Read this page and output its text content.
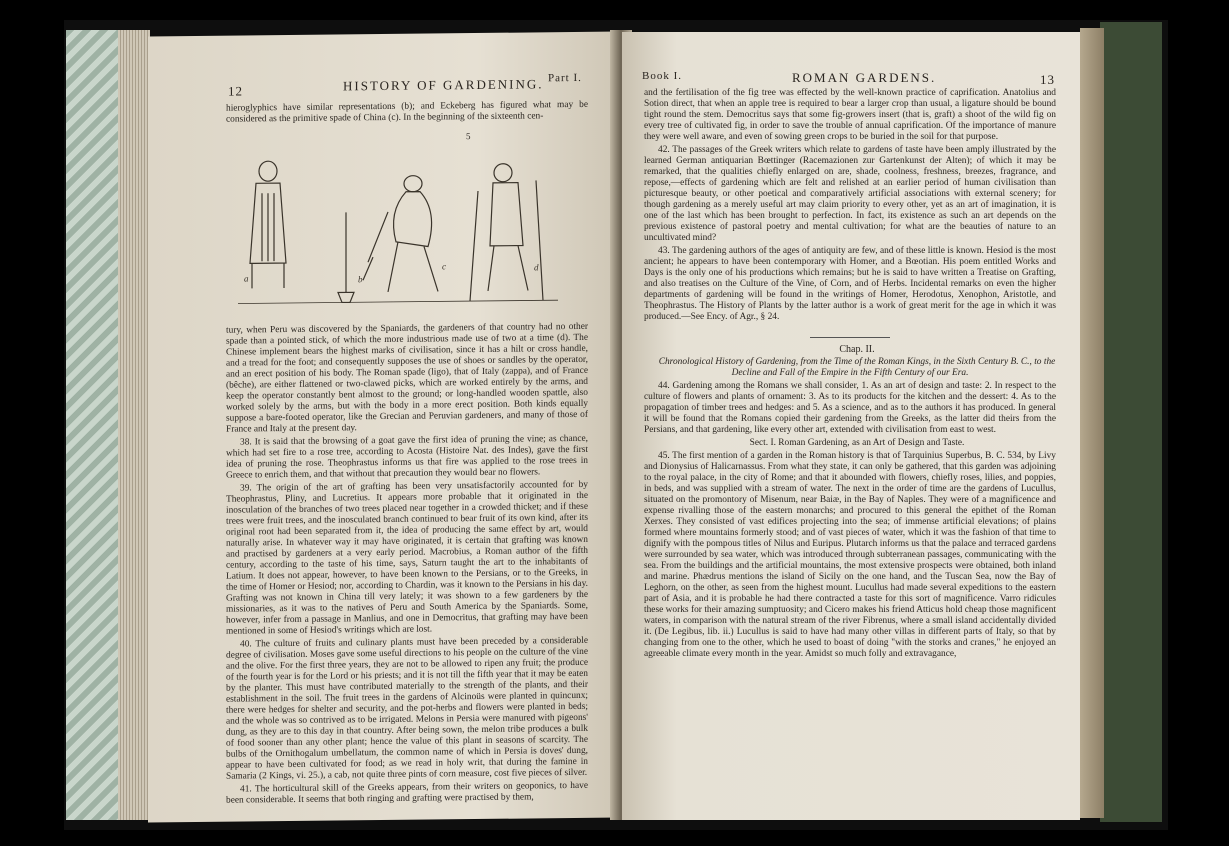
12	HISTORY OF GARDENING. Part I.

hieroglyphics have similar representations (b); and Eckeberg has figured what may be considered as the primitive spade of China (c). In the beginning of the sixteenth cen-

5
a	b
c	d

tury, when Peru was discovered by the Spaniards, the gardeners of that country had no other spade than a pointed stick, of which the more industrious made use of two at a time (d). The Chinese implement bears the highest marks of civilisation, since it has a hilt or cross handle, and a tread for the foot; and consequently supposes the use of shoes or sandles by the operator, and an erect position of his body. The Roman spade (ligo), that of Italy (zappa), and of France (bêche), are either flattened or two-clawed picks, which are worked entirely by the arms, and keep the operator constantly bent almost to the ground; or long-handled wooden spattle, also worked solely by the arms, but with the body in a more erect position. Both kinds equally suppose a bare-footed operator, like the Grecian and Peruvian gardeners, and many of those of France and Italy at the present day.

38. It is said that the browsing of a goat gave the first idea of pruning the vine; as chance, which had set fire to a rose tree, according to Acosta (Histoire Nat. des Indes), gave the first idea of pruning the rose. Theophrastus informs us that fire was applied to the rose trees in Greece to enrich them, and that without that precaution they would bear no flowers.

39. The origin of the art of grafting has been very unsatisfactorily accounted for by Theophrastus, Pliny, and Lucretius. It appears more probable that it originated in the inosculation of the branches of two trees placed near together in a crowded thicket; and if these trees were fruit trees, and the inosculated branch continued to bear fruit of its own kind, after its original root had been separated from it, the idea of producing the same effect by art, would naturally arise. In whatever way it may have originated, it is certain that grafting was known and practised by gardeners at a very early period. Macrobius, a Roman author of the fifth century, according to the taste of his time, says, Saturn taught the art to the inhabitants of Latium. It does not appear, however, to have been known to the Persians, or to the Greeks, in the time of Homer or Hesiod; nor, according to Chardin, was it known to the Persians in his day. Grafting was not known in China till very lately; it was shown to a few gardeners by the missionaries, as it was to the natives of Peru and South America by the Spaniards. Some, however, infer from a passage in Manlius, and one in Democritus, that grafting may have been mentioned in some of Hesiod's writings which are lost.

40. The culture of fruits and culinary plants must have been preceded by a considerable degree of civilisation. Moses gave some useful directions to his people on the culture of the vine and the olive. For the first three years, they are not to be allowed to ripen any fruit; the produce of the fourth year is for the Lord or his priests; and it is not till the fifth year that it may be eaten by the planter. This must have contributed materially to the strength of the plants, and their establishment in the soil. The fruit trees in the gardens of Alcinoüs were planted in quincunx; there were hedges for shelter and security, and the pot-herbs and flowers were planted in beds; and the whole was so contrived as to be irrigated. Melons in Persia were manured with pigeons' dung, as they are to this day in that country. After being sown, the melon tribe produces a bulk of food sooner than any other plant; hence the value of this plant in seasons of scarcity. The bulbs of the Ornithogalum umbellatum, the common name of which in Persia is doves' dung, appear to have been cultivated for food; as we read in holy writ, that during the famine in Samaria (2 Kings, vi. 25.), a cab, not quite three pints of corn measure, cost five pieces of silver.

41. The horticultural skill of the Greeks appears, from their writers on geoponics, to have been considerable. It seems that both ringing and grafting were practised by them,

Book I.	ROMAN GARDENS.	13

and the fertilisation of the fig tree was effected by the well-known practice of caprification. Anatolius and Sotion direct, that when an apple tree is required to bear a larger crop than usual, a ligature should be bound tight round the stem. Democritus says that some fig-growers insert (that is, graft) a shoot of the wild fig on every tree of cultivated fig, in order to save the trouble of annual caprification. Of the importance of manure they were well aware, and even of sowing green crops to be buried in the soil for that purpose.

42. The passages of the Greek writers which relate to gardens of taste have been amply illustrated by the learned German antiquarian Bœttinger (Racemazionen zur Gartenkunst der Alten); of which it may be remarked, that the qualities chiefly enlarged on are, shade, coolness, freshness, breezes, fragrance, and repose,—effects of gardening which are felt and relished at an earlier period of human civilisation than picturesque beauty, or other poetical and comparatively artificial associations with external scenery; for though gardening as a merely useful art may claim priority to every other, yet as an art of imagination, it is one of the last which has been brought to perfection. In fact, its existence as such an art depends on the previous existence of pastoral poetry and mental cultivation; for what are the beauties of nature to an uncultivated mind?

43. The gardening authors of the ages of antiquity are few, and of these little is known. Hesiod is the most ancient; he appears to have been contemporary with Homer, and a Bœotian. His poem entitled Works and Days is the only one of his productions which remains; but he is said to have written a Treatise on Grafting, and also treatises on the Culture of the Vine, of Corn, and of Herbs. Incidental remarks on even the higher departments of gardening will be found in the writings of Homer, Herodotus, Xenophon, Aristotle, and Theophrastus. The History of Plants by the latter author is a work of great merit for the age in which it was produced.—See Ency. of Agr., § 24.

Chap. II.

Chronological History of Gardening, from the Time of the Roman Kings, in the Sixth Century B. C., to the Decline and Fall of the Empire in the Fifth Century of our Era.

44. Gardening among the Romans we shall consider, 1. As an art of design and taste: 2. In respect to the culture of flowers and plants of ornament: 3. As to its products for the kitchen and the dessert: 4. As to the propagation of timber trees and hedges: and 5. As a science, and as to the authors it has produced. In general it will be found that the Romans copied their gardening from the Greeks, as the latter did theirs from the Persians, and that gardening, like every other art, extended with civilisation from east to west.

Sect. I. Roman Gardening, as an Art of Design and Taste.

45. The first mention of a garden in the Roman history is that of Tarquinius Superbus, B. C. 534, by Livy and Dionysius of Halicarnassus. From what they state, it can only be gathered, that this garden was adjoining to the royal palace, in the city of Rome; and that it abounded with flowers, chiefly roses, lilies, and poppies, in beds, and was supplied with a stream of water. The next in the order of time are the gardens of Lucullus, situated on the promontory of Misenum, near Baiæ, in the Bay of Naples. They were of a magnificence and expense rivalling those of the eastern monarchs; and procured to this general the epithet of the Roman Xerxes. They consisted of vast edifices projecting into the sea; of immense artificial elevations; of plains formed where mountains formerly stood; and of vast pieces of water, which it was the fashion of that time to dignify with the pompous titles of Nilus and Euripus. Plutarch informs us that the palace and terraced gardens were surrounded by sea water, which was introduced through subterranean passages, communicating with the sea. From the buildings and the artificial mountains, the most extensive prospects were obtained, both inland and marine. Phædrus mentions the island of Sicily on the one hand, and the Tuscan Sea, now the Bay of Leghorn, on the other, as seen from the highest mount. Lucullus had made several expeditions to the eastern part of Asia, and it is probable he had there contracted a taste for this sort of magnificence. Varro ridicules these works for their amazing sumptuosity; and Cicero makes his friend Atticus hold cheap those magnificent waters, in comparison with the natural stream of the river Fibrenus, where a small island accidentally divided it. (De Legibus, lib. ii.) Lucullus is said to have had many other villas in different parts of Italy, so that by changing from one to the other, which he used to boast of doing "with the storks and cranes," he enjoyed an agreeable climate every month in the year. Amidst so much folly and extravagance,
